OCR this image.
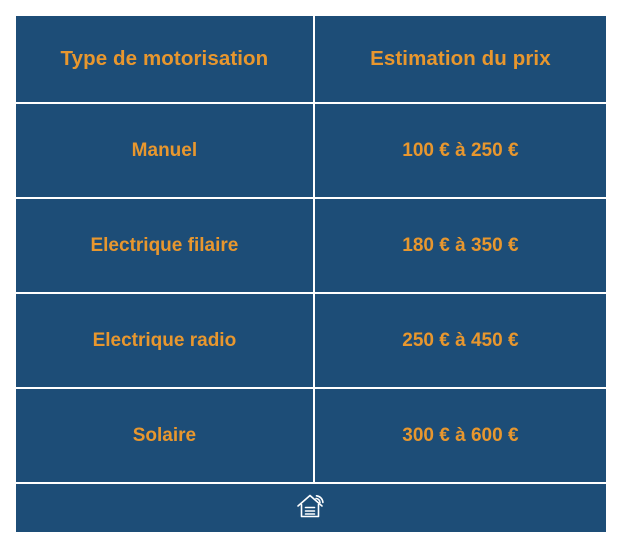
Type de motorisation	Estimation du prix
Manuel	100 € à 250 €
Electrique filaire	180 € à 350 €
Electrique radio	250 € à 450 €
Solaire	300 € à 600 €
